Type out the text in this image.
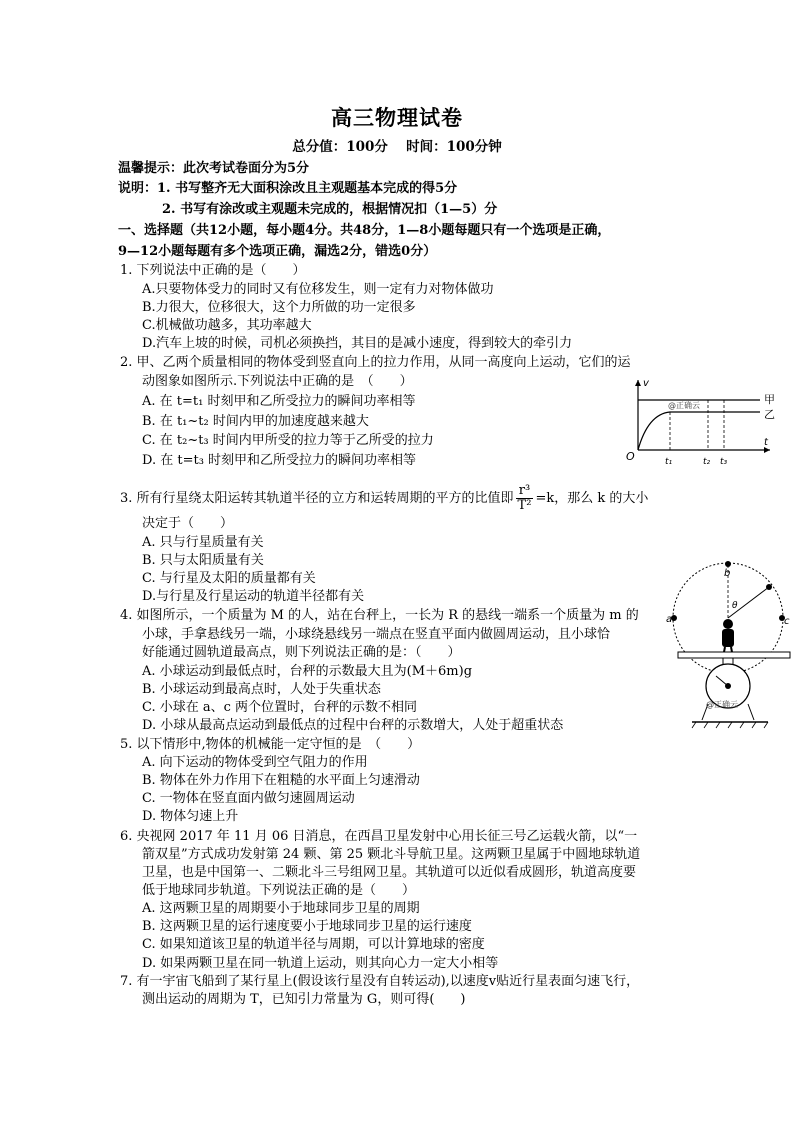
高三物理试卷
总分值：100分　 时间：100分钟
温馨提示：此次考试卷面分为5分
说明：1. 书写整齐无大面积涂改且主观题基本完成的得5分
2. 书写有涂改或主观题未完成的，根据情况扣（1—5）分
一、选择题（共12小题，每小题4分。共48分，1—8小题每题只有一个选项是正确，
9—12小题每题有多个选项正确，漏选2分，错选0分）
1. 下列说法中正确的是（　　）
A.只要物体受力的同时又有位移发生，则一定有力对物体做功
B.力很大，位移很大，这个力所做的功一定很多
C.机械做功越多，其功率越大
D.汽车上坡的时候，司机必须换挡，其目的是减小速度，得到较大的牵引力
2. 甲、乙两个质量相同的物体受到竖直向上的拉力作用，从同一高度向上运动，它们的运
动图象如图所示.下列说法中正确的是　（　　）
A. 在 t=t₁ 时刻甲和乙所受拉力的瞬间功率相等
B. 在 t₁~t₂ 时间内甲的加速度越来越大
C. 在 t₂~t₃ 时间内甲所受的拉力等于乙所受的拉力
D. 在 t=t₃ 时刻甲和乙所受拉力的瞬间功率相等
v
t
O
甲
乙
t₁	t₂ t₃
@正确云
3. 所有行星绕太阳运转其轨道半径的立方和运转周期的平方的比值即 $\frac{\text{r³}}{\text{T²}} =k$，那么 k 的大小
决定于（　　）
A. 只与行星质量有关
B. 只与太阳质量有关
C. 与行星及太阳的质量都有关
D.与行星及行星运动的轨道半径都有关
4. 如图所示，一个质量为 M 的人，站在台秤上，一长为 R 的悬线一端系一个质量为 m 的
小球，手拿悬线另一端，小球绕悬线另一端点在竖直平面内做圆周运动，且小球恰
好能通过圆轨道最高点，则下列说法正确的是：（　　）
A. 小球运动到最低点时，台秤的示数最大且为(M＋6m)g
B. 小球运动到最高点时，人处于失重状态
C. 小球在 a、c 两个位置时，台秤的示数不相同
D. 小球从最高点运动到最低点的过程中台秤的示数增大，人处于超重状态
b
a	c
θ
@正确云
5. 以下情形中,物体的机械能一定守恒的是　（　　）
A. 向下运动的物体受到空气阻力的作用
B. 物体在外力作用下在粗糙的水平面上匀速滑动
C. 一物体在竖直面内做匀速圆周运动
D. 物体匀速上升
6. 央视网 2017 年 11 月 06 日消息，在西昌卫星发射中心用长征三号乙运载火箭，以“一
箭双星”方式成功发射第 24 颗、第 25 颗北斗导航卫星。这两颗卫星属于中圆地球轨道
卫星，也是中国第一、二颗北斗三号组网卫星。其轨道可以近似看成圆形，轨道高度要
低于地球同步轨道。下列说法正确的是（　　）
A. 这两颗卫星的周期要小于地球同步卫星的周期
B. 这两颗卫星的运行速度要小于地球同步卫星的运行速度
C. 如果知道该卫星的轨道半径与周期，可以计算地球的密度
D. 如果两颗卫星在同一轨道上运动，则其向心力一定大小相等
7. 有一宇宙飞船到了某行星上(假设该行星没有自转运动),以速度v贴近行星表面匀速飞行，
测出运动的周期为 T，已知引力常量为 G，则可得(　　)
